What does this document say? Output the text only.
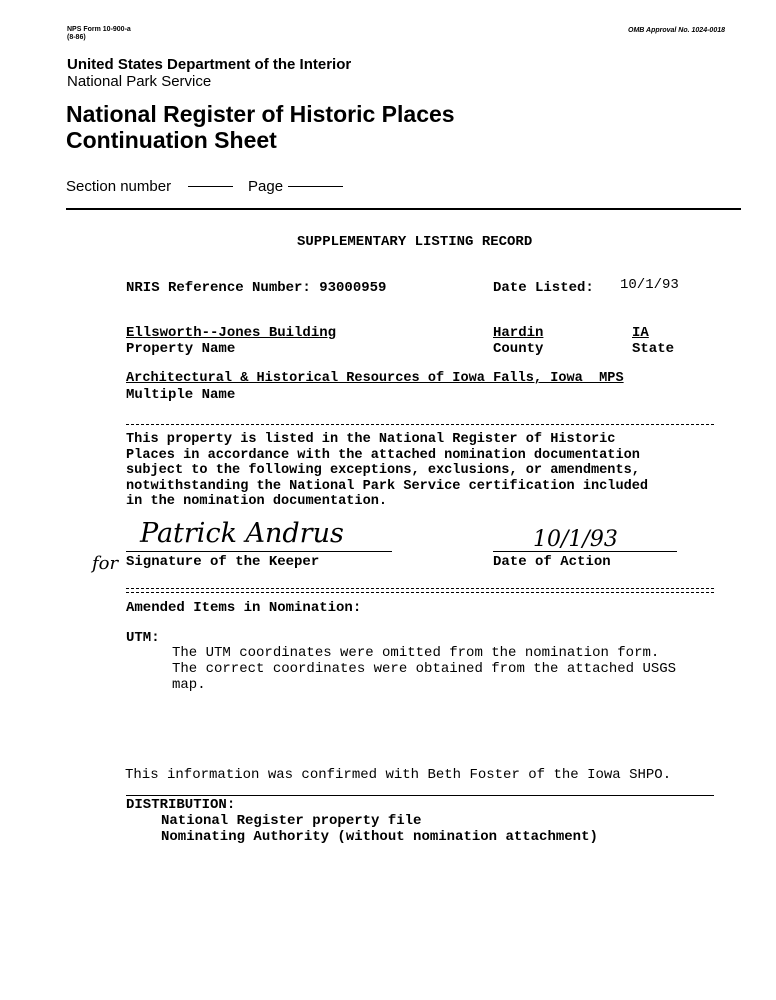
NPS Form 10-900-a
(8-86)
OMB Approval No. 1024-0018
United States Department of the Interior
National Park Service
National Register of Historic Places
Continuation Sheet
Section number	Page
SUPPLEMENTARY LISTING RECORD
NRIS Reference Number: 93000959	Date Listed: 10/1/93
Ellsworth--Jones Building
Property Name
Hardin
County
IA
State
Architectural & Historical Resources of Iowa Falls, Iowa  MPS
Multiple Name
This property is listed in the National Register of Historic
Places in accordance with the attached nomination documentation
subject to the following exceptions, exclusions, or amendments,
notwithstanding the National Park Service certification included
in the nomination documentation.
Patrick Andrus
for Signature of the Keeper
10/1/93
Date of Action
Amended Items in Nomination:
UTM:
The UTM coordinates were omitted from the nomination form.
The correct coordinates were obtained from the attached USGS
map.
This information was confirmed with Beth Foster of the Iowa SHPO.
DISTRIBUTION:
National Register property file
Nominating Authority (without nomination attachment)
